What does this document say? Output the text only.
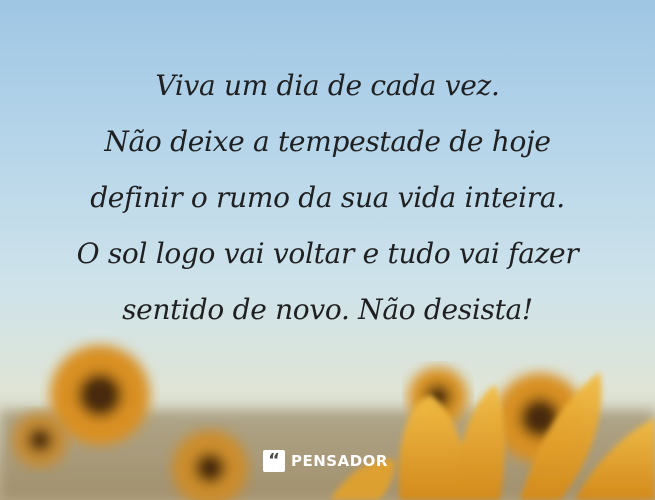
Viva um dia de cada vez.
Não deixe a tempestade de hoje
definir o rumo da sua vida inteira.
O sol logo vai voltar e tudo vai fazer
sentido de novo. Não desista!

“ PENSADOR
